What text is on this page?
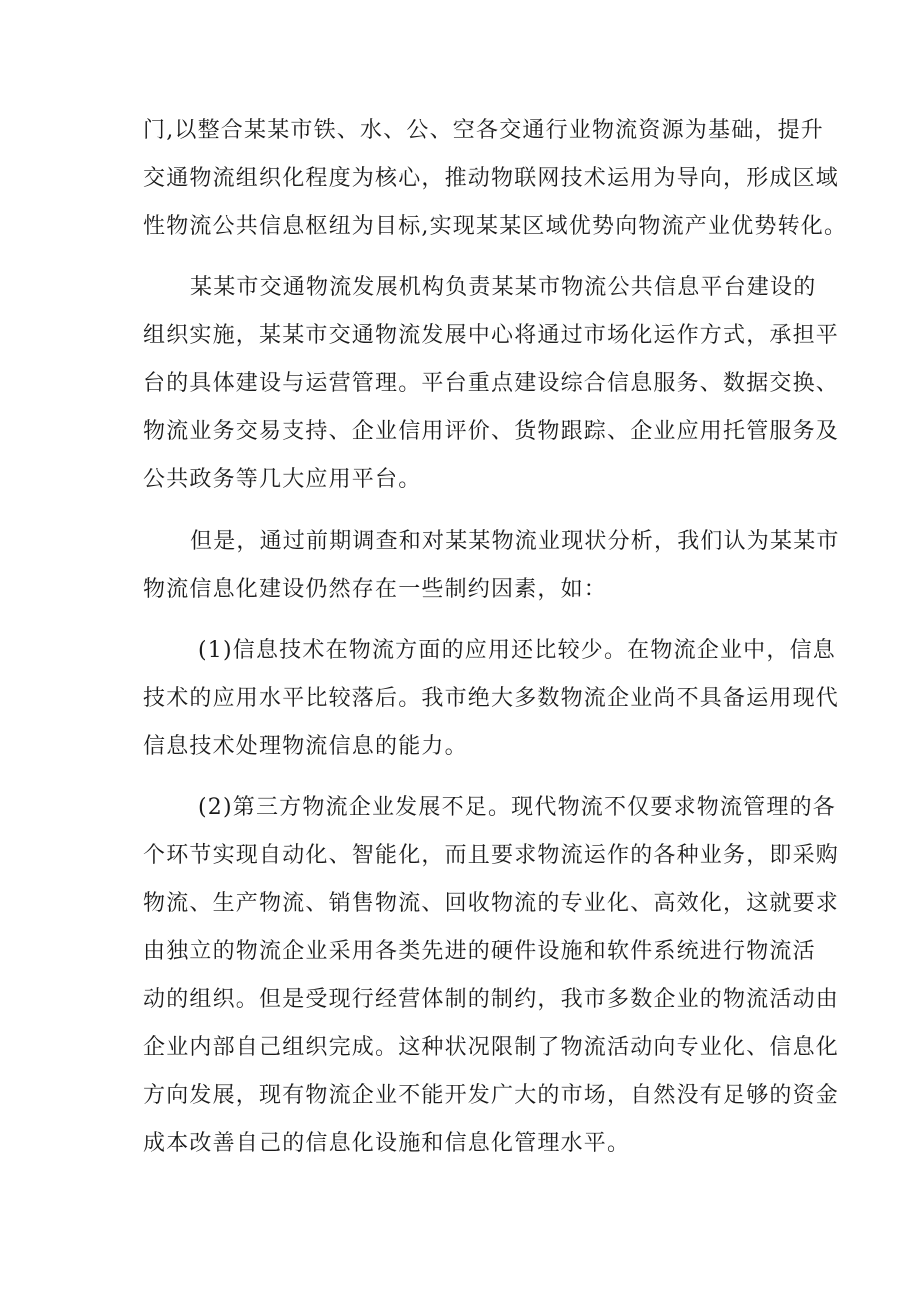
门,以整合某某市铁、水、公、空各交通行业物流资源为基础，提升
交通物流组织化程度为核心，推动物联网技术运用为导向，形成区域
性物流公共信息枢纽为目标,实现某某区域优势向物流产业优势转化。
某某市交通物流发展机构负责某某市物流公共信息平台建设的
组织实施，某某市交通物流发展中心将通过市场化运作方式，承担平
台的具体建设与运营管理。平台重点建设综合信息服务、数据交换、
物流业务交易支持、企业信用评价、货物跟踪、企业应用托管服务及
公共政务等几大应用平台。
但是，通过前期调查和对某某物流业现状分析，我们认为某某市
物流信息化建设仍然存在一些制约因素，如：
(1)信息技术在物流方面的应用还比较少。在物流企业中，信息
技术的应用水平比较落后。我市绝大多数物流企业尚不具备运用现代
信息技术处理物流信息的能力。
(2)第三方物流企业发展不足。现代物流不仅要求物流管理的各
个环节实现自动化、智能化，而且要求物流运作的各种业务，即采购
物流、生产物流、销售物流、回收物流的专业化、高效化，这就要求
由独立的物流企业采用各类先进的硬件设施和软件系统进行物流活
动的组织。但是受现行经营体制的制约，我市多数企业的物流活动由
企业内部自己组织完成。这种状况限制了物流活动向专业化、信息化
方向发展，现有物流企业不能开发广大的市场，自然没有足够的资金
成本改善自己的信息化设施和信息化管理水平。
